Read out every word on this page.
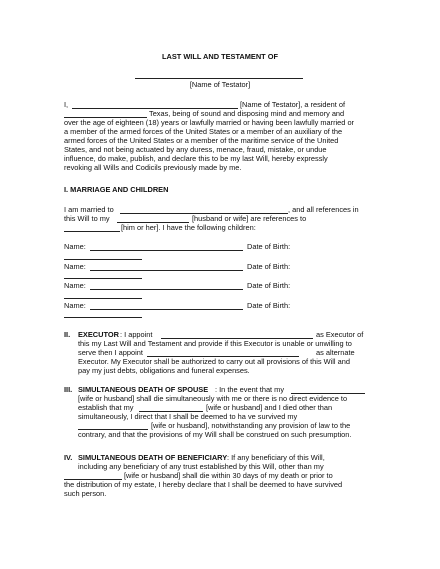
LAST WILL AND TESTAMENT OF
[Name of Testator]
I,	[Name of Testator], a resident of
Texas, being of sound and disposing mind and memory and
over the age of eighteen (18) years or lawfully married or having been lawfully married or
a member of the armed forces of the United States or a member of an auxiliary of the
armed forces of the United States or a member of the maritime service of the United
States, and not being actuated by any duress, menace, fraud, mistake, or undue
influence, do make, publish, and declare this to be my last Will, hereby expressly
revoking all Wills and Codicils previously made by me.
I. MARRIAGE AND CHILDREN
I am married to	, and all references in
this Will to my	[husband or wife] are references to
[him or her]. I have the following children:
Name:	Date of Birth:
Name:	Date of Birth:
Name:	Date of Birth:
Name:	Date of Birth:
II. EXECUTOR : I appoint	as Executor of
this my Last Will and Testament and provide if this Executor is unable or unwilling to
serve then I appoint	as alternate
Executor. My Executor shall be authorized to carry out all provisions of this Will and
pay my just debts, obligations and funeral expenses.
III. SIMULTANEOUS DEATH OF SPOUSE : In the event that my
[wife or husband] shall die simultaneously with me or there is no direct evidence to
establish that my	[wife or husband] and I died other than
simultaneously, I direct that I shall be deemed to ha ve survived my
[wife or husband], notwithstanding any provision of law to the
contrary, and that the provisions of my Will shall be construed on such presumption.
IV. SIMULTANEOUS DEATH OF BENEFICIARY : If any beneficiary of this Will,
including any beneficiary of any trust established by this Will, other than my
[wife or husband] shall die within 30 days of my death or prior to
the distribution of my estate, I hereby declare that I shall be deemed to have survived
such person.
